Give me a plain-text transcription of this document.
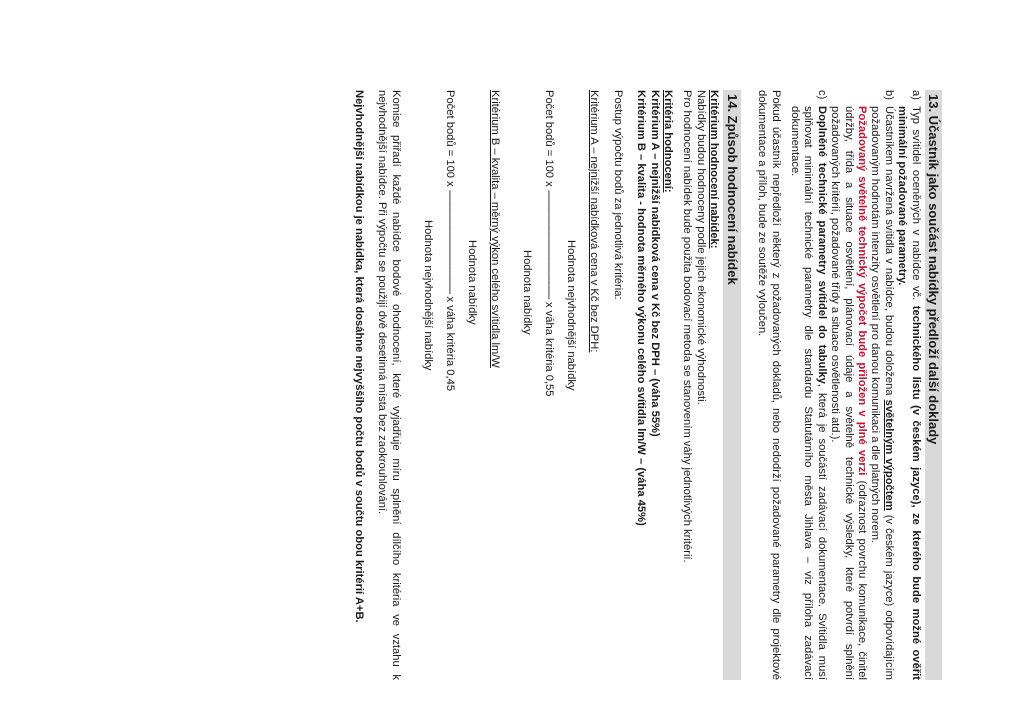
13. Účastník jako součást nabídky předloží další doklady
a)
Typ svítidel oceněných v nabídce vč. technického listu (v českém jazyce), ze kterého bude možné ověřit minimální požadované parametry.
b)
Účastníkem navržená svítidla v nabídce, budou doložena světelným výpočtem (v českém jazyce) odpovídajícím požadovaným hodnotám intenzity osvětlení pro danou komunikaci a dle platných norem.
Požadovaný světelně technický výpočet bude přiložen v plné verzi (odraznost povrchu komunikace, činitel údržby, třída a situace osvětlení, plánovací údaje a světelně technické výsledky, které potvrdí splnění požadovaných kritérií, požadované třídy a situace osvětlenosti atd.).
c)
Doplněné technické parametry svítidel do tabulky, která je součástí zadávací dokumentace. Svítidla musí splňovat minimální technické parametry dle standardu Statutárního města Jihlava – viz příloha zadávací dokumentace.

Pokud účastník nepředloží některý z požadovaných dokladů, nebo nedodrží požadované parametry dle projektové dokumentace a příloh, bude ze soutěže vyloučen.

14. Způsob hodnocení nabídek

Kritérium hodnocení nabídek:

Nabídky budou hodnoceny podle jejich ekonomické výhodnosti.

Pro hodnocení nabídek bude použita bodovací metoda se stanovením váhy jednotlivých kritérií.

Kritéria hodnocení:

Kritérium A – nejnižší nabídková cena v Kč bez DPH – (váha 55%)

Kritérium B – kvalita - hodnota měrného výkonu celého svítidla lm/W – (váha 45%)

Postup výpočtu bodů za jednotlivá kritéria:

Kritérium A – nejnižší nabídková cena v Kč bez DPH:

Hodnota nejvhodnější nabídky
Počet bodů = 100 x ---------------------------------------- x váha kritéria 0,55
Hodnota nabídky

Kritérium B – kvalita – měrný výkon celého svítidla lm/W

Hodnota nabídky
Počet bodů = 100 x -------------------------------------- x váha kritéria 0,45
Hodnota nejvhodnější nabídky

Komise přiřadí každé nabídce bodové ohodnocení, které vyjadřuje míru splnění dílčího kritéria ve vztahu k nejvhodnější nabídce. Při výpočtu se použijí dvě desetinná místa bez zaokrouhlování.

Nejvhodnější nabídkou je nabídka, která dosáhne nejvyššího počtu bodů v součtu obou kritérií A+B.
